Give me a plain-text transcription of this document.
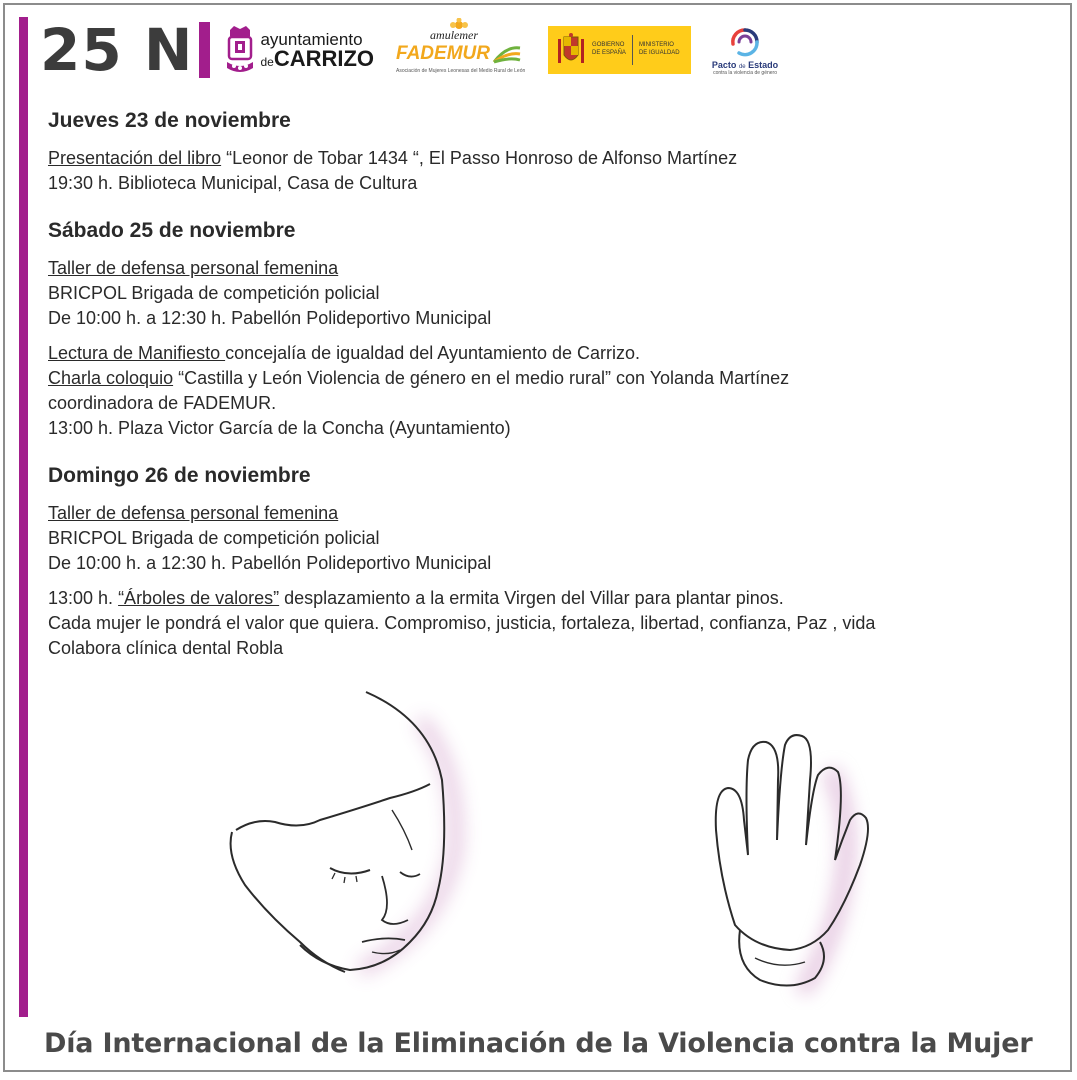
25 N	ayuntamiento
deCARRIZO
amulemer
FADEMUR
Asociación de Mujeres Leonesas del Medio Rural de León
GOBIERNO
DE ESPAÑA
MINISTERIO
DE IGUALDAD
Pacto de Estado
contra la violencia de género
Jueves 23 de noviembre
Presentación del libro “Leonor de Tobar 1434 “, El Passo Honroso de Alfonso Martínez
19:30 h. Biblioteca Municipal, Casa de Cultura
Sábado 25 de noviembre
Taller de defensa personal femenina
BRICPOL Brigada de competición policial
De 10:00 h. a 12:30 h. Pabellón Polideportivo Municipal
Lectura de Manifiesto concejalía de igualdad del Ayuntamiento de Carrizo.
Charla coloquio “Castilla y León Violencia de género en el medio rural” con Yolanda Martínez
coordinadora de FADEMUR.
13:00 h. Plaza Victor García de la Concha (Ayuntamiento)
Domingo 26 de noviembre
Taller de defensa personal femenina
BRICPOL Brigada de competición policial
De 10:00 h. a 12:30 h. Pabellón Polideportivo Municipal
13:00 h. “Árboles de valores” desplazamiento a la ermita Virgen del Villar para plantar pinos.
Cada mujer le pondrá el valor que quiera. Compromiso, justicia, fortaleza, libertad, confianza, Paz , vida
Colabora clínica dental Robla
Día Internacional de la Eliminación de la Violencia contra la Mujer
